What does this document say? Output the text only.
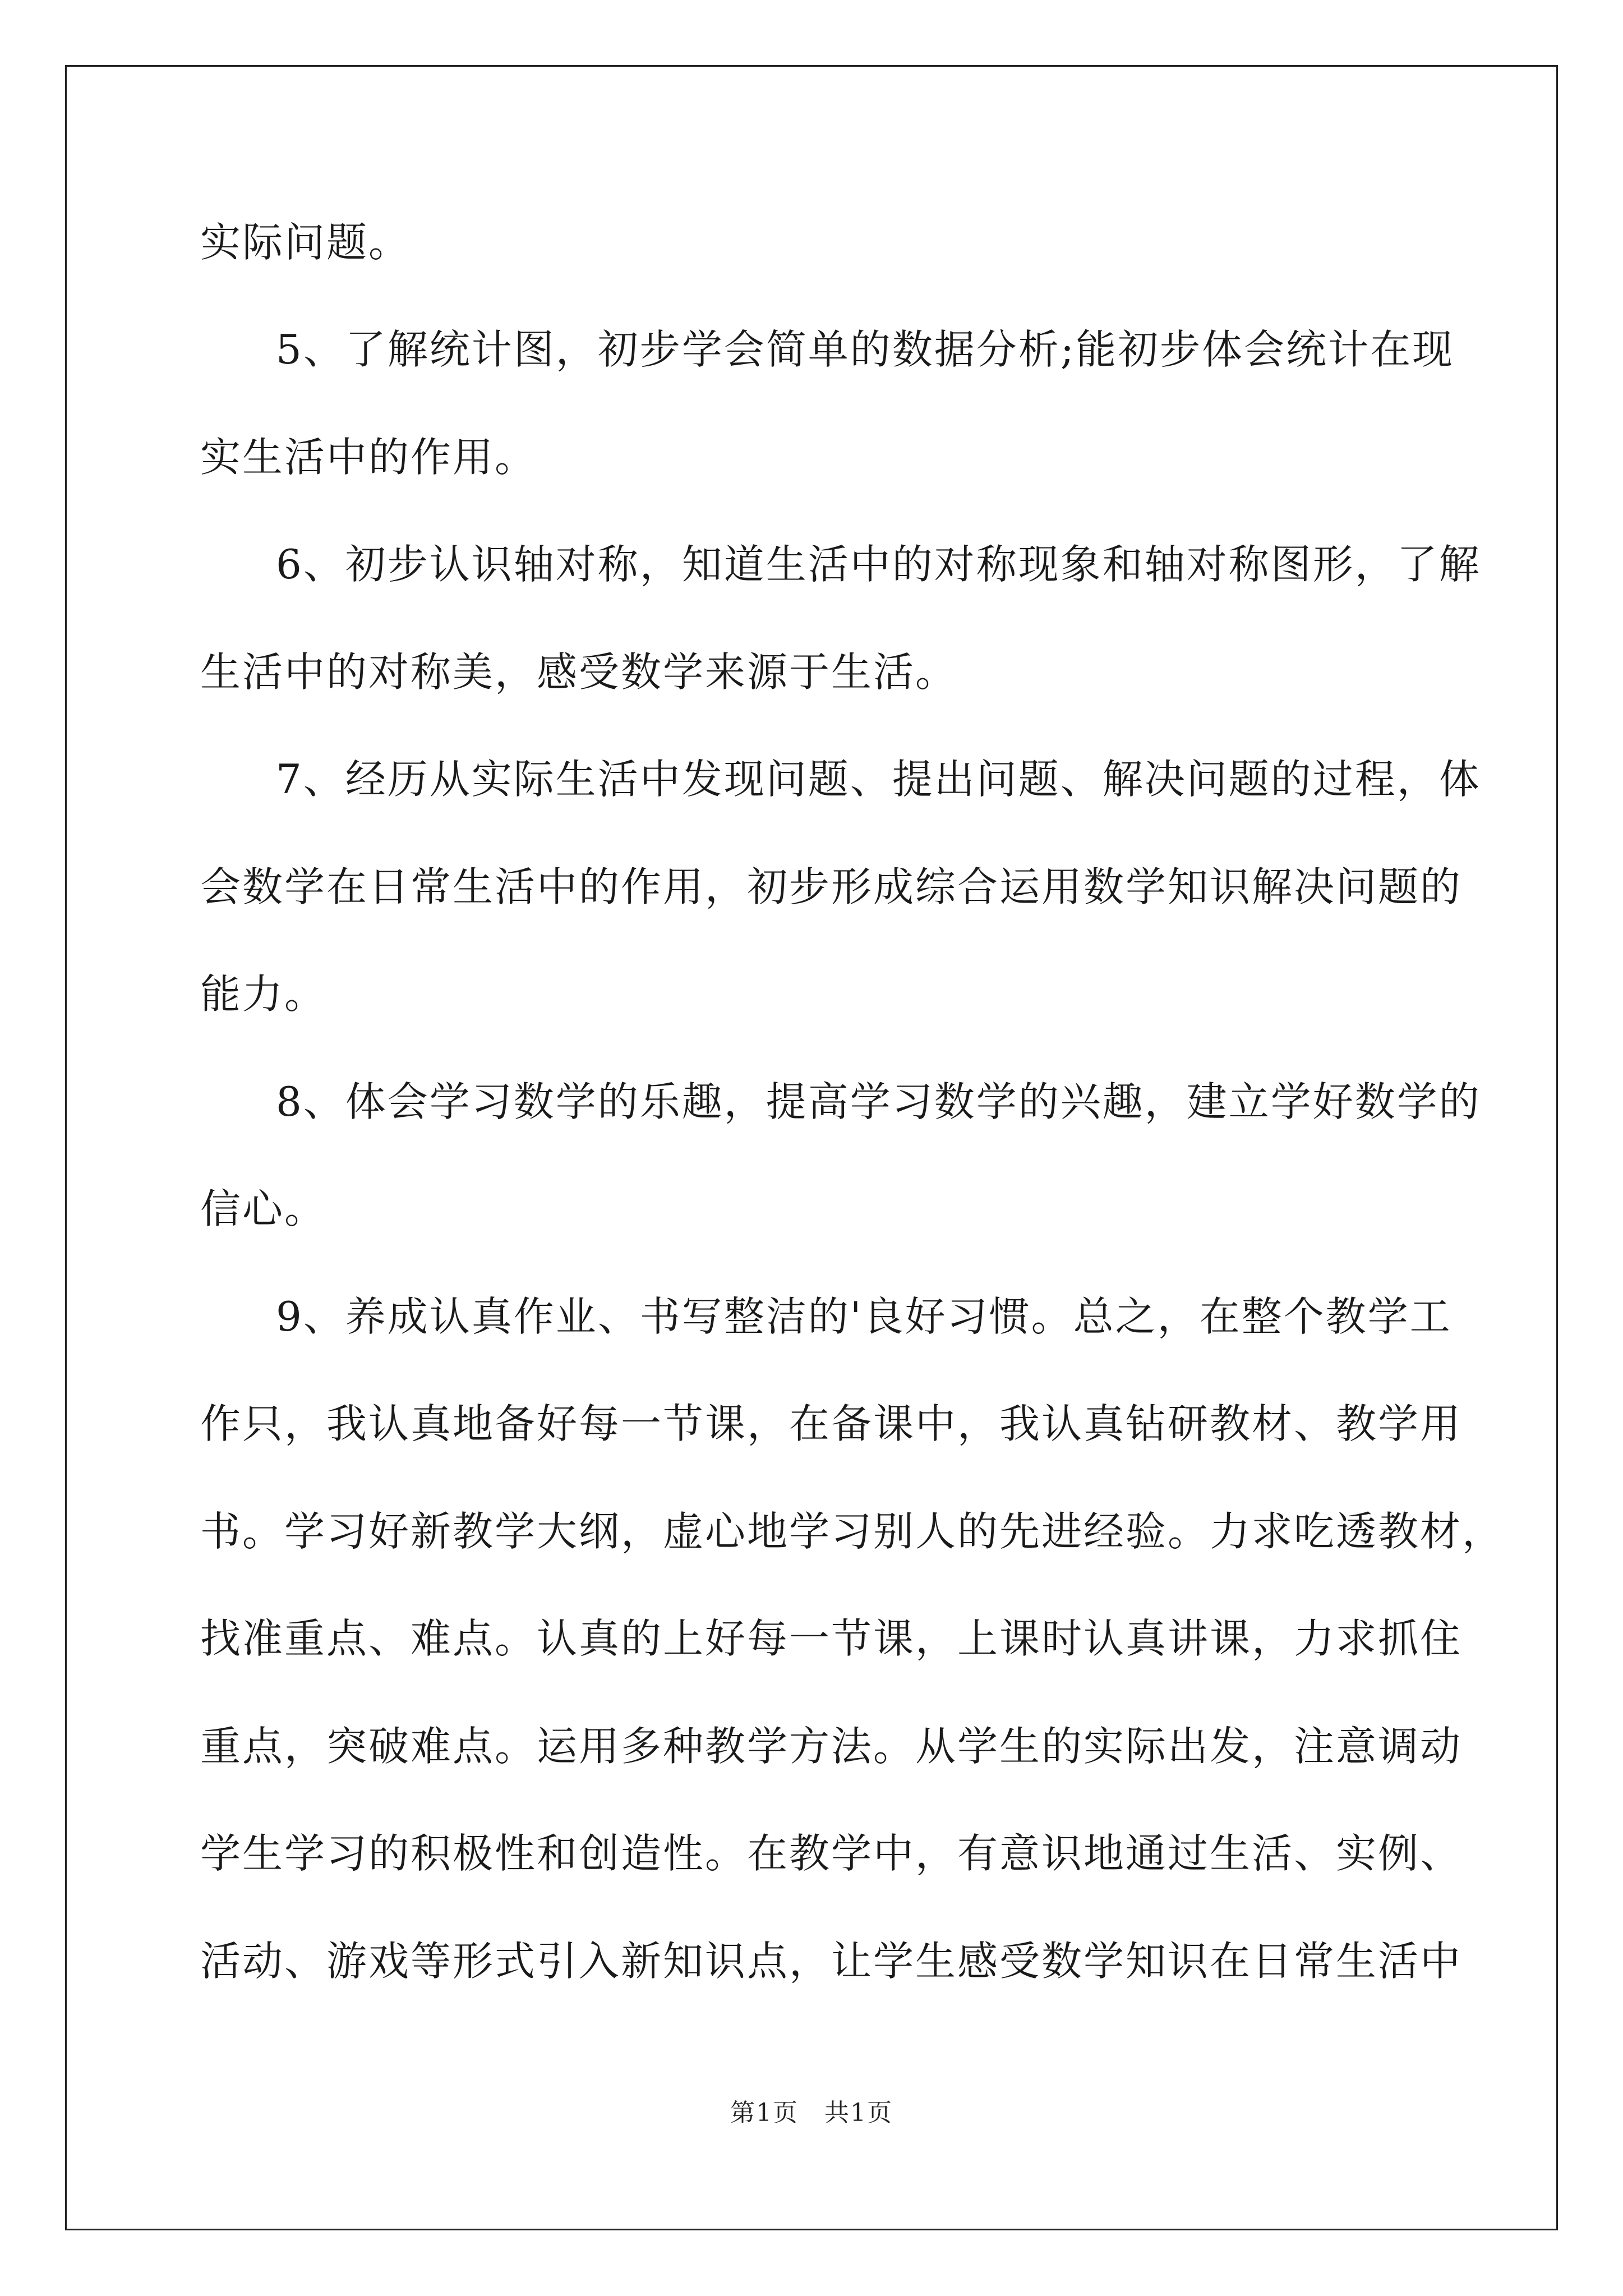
实际问题。
5、了解统计图，初步学会简单的数据分析;能初步体会统计在现
实生活中的作用。
6、初步认识轴对称，知道生活中的对称现象和轴对称图形，了解
生活中的对称美，感受数学来源于生活。
7、经历从实际生活中发现问题、提出问题、解决问题的过程，体
会数学在日常生活中的作用，初步形成综合运用数学知识解决问题的
能力。
8、体会学习数学的乐趣，提高学习数学的兴趣，建立学好数学的
信心。
9、养成认真作业、书写整洁的'良好习惯。总之，在整个教学工
作只，我认真地备好每一节课，在备课中，我认真钻研教材、教学用
书。学习好新教学大纲，虚心地学习别人的先进经验。力求吃透教材，
找准重点、难点。认真的上好每一节课，上课时认真讲课，力求抓住
重点，突破难点。运用多种教学方法。从学生的实际出发，注意调动
学生学习的积极性和创造性。在教学中，有意识地通过生活、实例、
活动、游戏等形式引入新知识点，让学生感受数学知识在日常生活中
第1页　共1页
